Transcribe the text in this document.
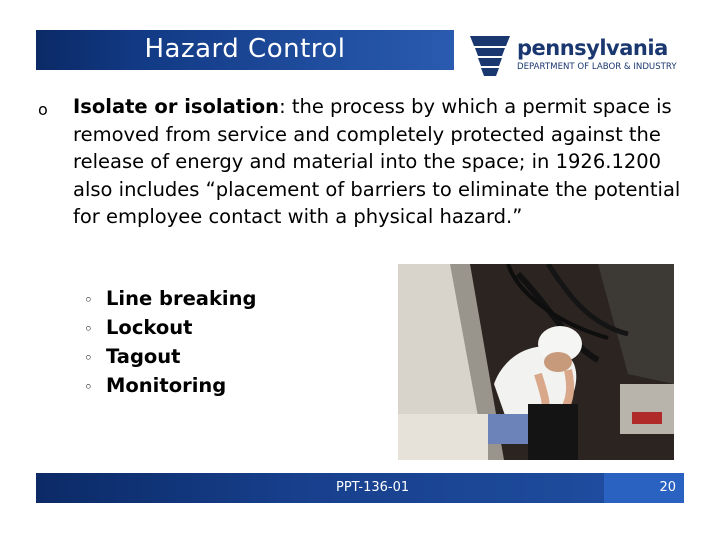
Hazard Control	pennsylvania
DEPARTMENT OF LABOR & INDUSTRY
o Isolate or isolation: the process by which a permit space is removed from service and completely protected against the release of energy and material into the space; in 1926.1200 also includes “placement of barriers to eliminate the potential for employee contact with a physical hazard.”
◦ Line breaking
◦ Lockout
◦ Tagout
◦ Monitoring
PPT-136-01	20
